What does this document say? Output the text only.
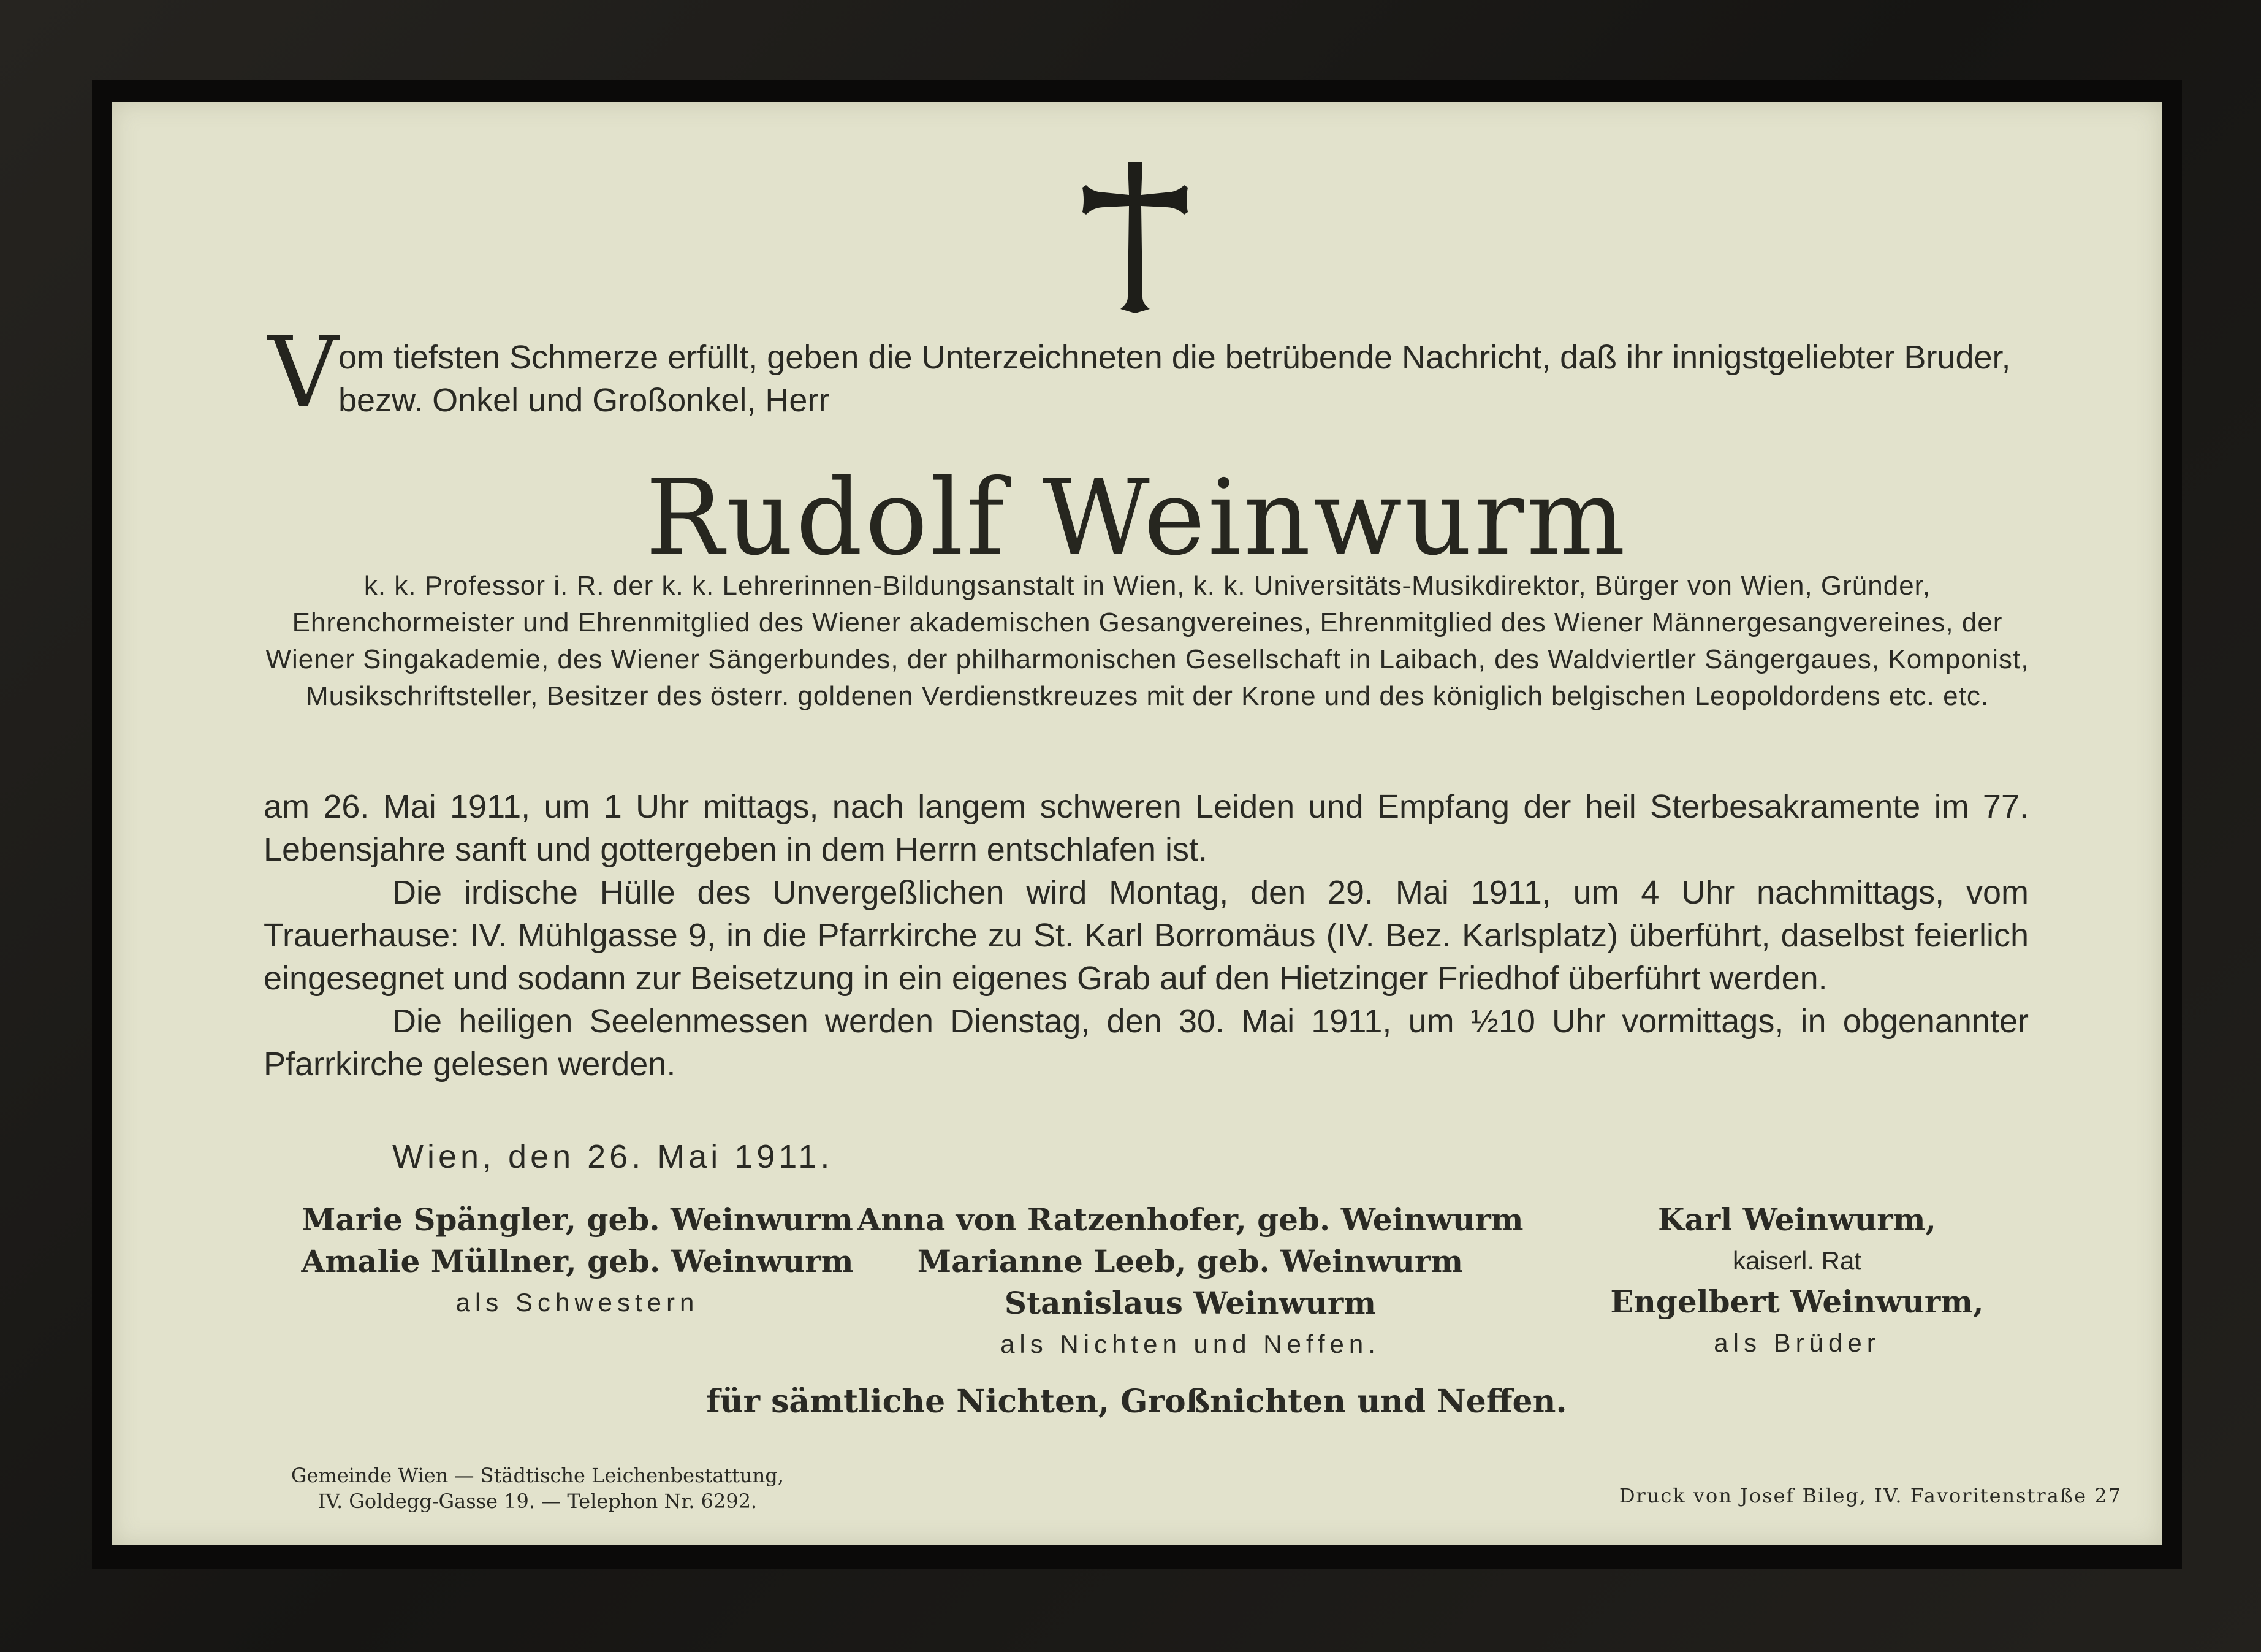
V om tiefsten Schmerze erfüllt, geben die Unterzeichneten die betrübende Nachricht, daß ihr innigstgeliebter Bruder, bezw. Onkel und Großonkel, Herr
Rudolf Weinwurm
k. k. Professor i. R. der k. k. Lehrerinnen-Bildungsanstalt in Wien, k. k. Universitäts-Musikdirektor, Bürger von Wien, Gründer, Ehrenchormeister und Ehrenmitglied des Wiener akademischen Gesangvereines, Ehrenmitglied des Wiener Männergesangvereines, der Wiener Singakademie, des Wiener Sängerbundes, der philharmonischen Gesellschaft in Laibach, des Waldviertler Sängergaues, Komponist, Musikschriftsteller, Besitzer des österr. goldenen Verdienstkreuzes mit der Krone und des königlich belgischen Leopoldordens etc. etc.

am 26. Mai 1911, um 1 Uhr mittags, nach langem schweren Leiden und Empfang der heil Sterbesakramente im 77. Lebensjahre sanft und gottergeben in dem Herrn entschlafen ist.

Die irdische Hülle des Unvergeßlichen wird Montag, den 29. Mai 1911, um 4 Uhr nachmittags, vom Trauerhause: IV. Mühlgasse 9, in die Pfarrkirche zu St. Karl Borromäus (IV. Bez. Karlsplatz) überführt, daselbst feierlich eingesegnet und sodann zur Beisetzung in ein eigenes Grab auf den Hietzinger Friedhof überführt werden.

Die heiligen Seelenmessen werden Dienstag, den 30. Mai 1911, um ½10 Uhr vormittags, in obgenannter Pfarrkirche gelesen werden.

Wien, den 26. Mai 1911.
Marie Spängler, geb. Weinwurm
Amalie Müllner, geb. Weinwurm
als Schwestern
Anna von Ratzenhofer, geb. Weinwurm
Marianne Leeb, geb. Weinwurm
Stanislaus Weinwurm
als Nichten und Neffen.
Karl Weinwurm,
kaiserl. Rat
Engelbert Weinwurm,
als Brüder
für sämtliche Nichten, Großnichten und Neffen.
Gemeinde Wien — Städtische Leichenbestattung,
IV. Goldegg-Gasse 19. — Telephon Nr. 6292.	Druck von Josef Bileg, IV. Favoritenstraße 27
